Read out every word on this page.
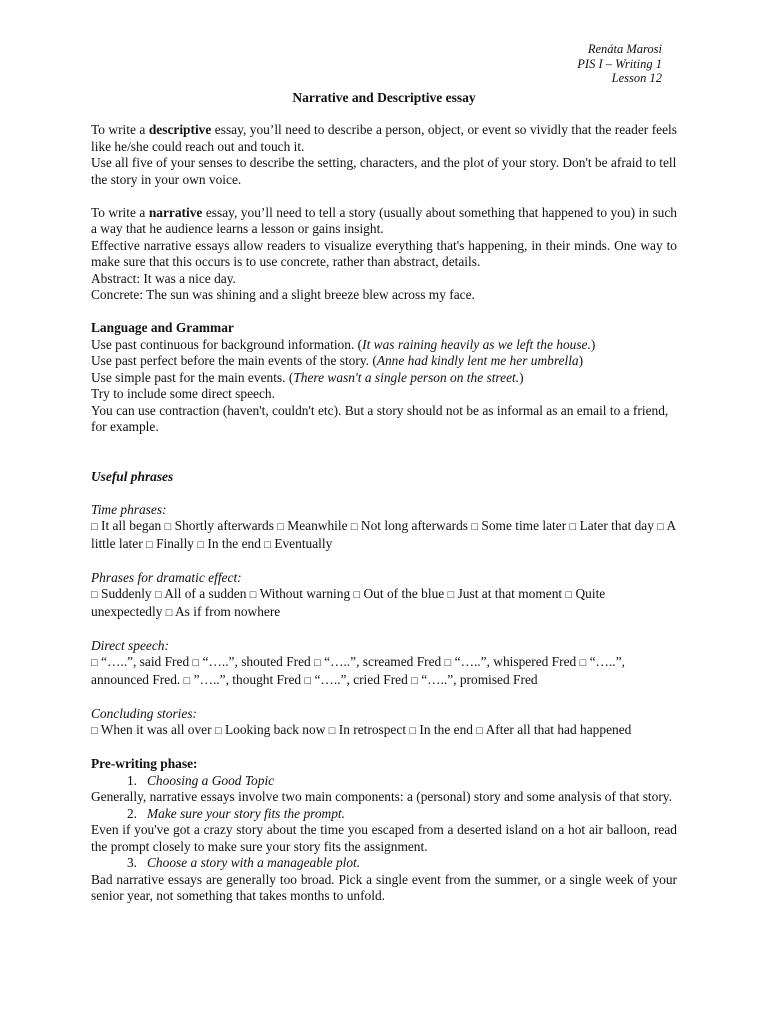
Renáta Marosi
PIS I – Writing 1
Lesson 12
Narrative and Descriptive essay

To write a descriptive essay, you’ll need to describe a person, object, or event so vividly that the reader feels like he/she could reach out and touch it.

Use all five of your senses to describe the setting, characters, and the plot of your story. Don't be afraid to tell the story in your own voice.

To write a narrative essay, you’ll need to tell a story (usually about something that happened to you) in such a way that he audience learns a lesson or gains insight.

Effective narrative essays allow readers to visualize everything that's happening, in their minds. One way to make sure that this occurs is to use concrete, rather than abstract, details.

Abstract: It was a nice day.

Concrete: The sun was shining and a slight breeze blew across my face.

Language and Grammar

Use past continuous for background information. (It was raining heavily as we left the house.)

Use past perfect before the main events of the story. (Anne had kindly lent me her umbrella)

Use simple past for the main events. (There wasn't a single person on the street.)

Try to include some direct speech.

You can use contraction (haven't, couldn't etc). But a story should not be as informal as an email to a friend, for example.

Useful phrases

Time phrases:

□ It all began □ Shortly afterwards □ Meanwhile □ Not long afterwards □ Some time later □ Later that day □ A little later □ Finally □ In the end □ Eventually

Phrases for dramatic effect:

□ Suddenly □ All of a sudden □ Without warning □ Out of the blue □ Just at that moment □ Quite unexpectedly □ As if from nowhere

Direct speech:

□ “…..”, said Fred □ “…..”, shouted Fred □ “…..”, screamed Fred □ “…..”, whispered Fred □ “…..”, announced Fred. □ ”…..”, thought Fred □ “…..”, cried Fred □ “…..”, promised Fred

Concluding stories:

□ When it was all over □ Looking back now □ In retrospect □ In the end □ After all that had happened

Pre-writing phase:

1. Choosing a Good Topic

Generally, narrative essays involve two main components: a (personal) story and some analysis of that story.

2. Make sure your story fits the prompt.

Even if you've got a crazy story about the time you escaped from a deserted island on a hot air balloon, read the prompt closely to make sure your story fits the assignment.

3. Choose a story with a manageable plot.

Bad narrative essays are generally too broad. Pick a single event from the summer, or a single week of your senior year, not something that takes months to unfold.
